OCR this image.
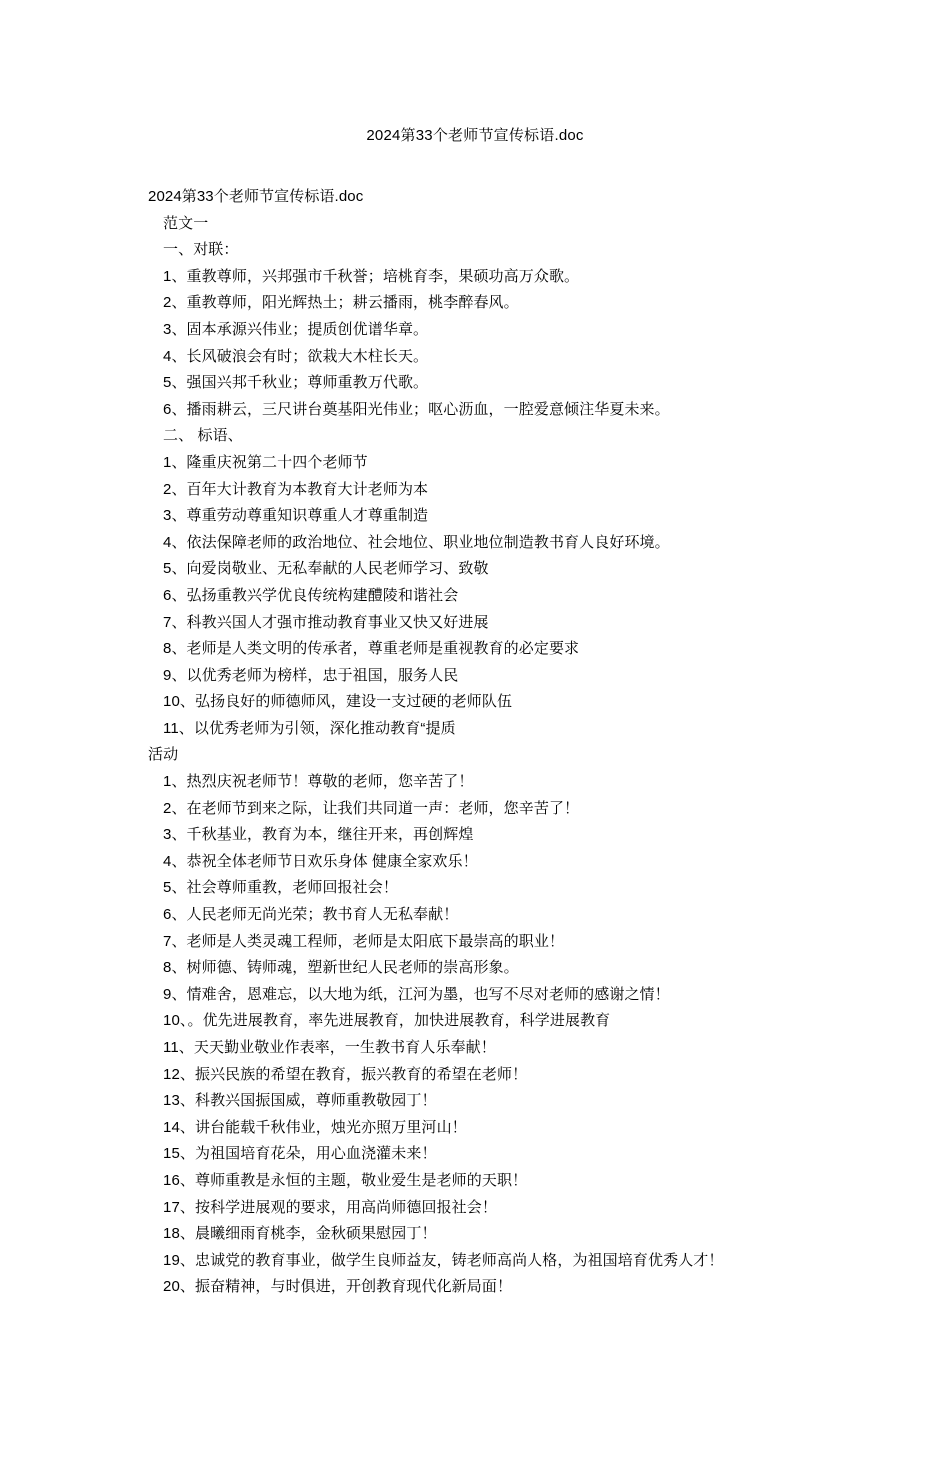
2024第33个老师节宣传标语.doc
2024第33个老师节宣传标语.doc
范文一
一、对联：
1、重教尊师，兴邦强市千秋誉；培桃育李，果硕功高万众歌。
2、重教尊师，阳光辉热土；耕云播雨，桃李醉春风。
3、固本承源兴伟业；提质创优谱华章。
4、长风破浪会有时；欲栽大木柱长天。
5、强国兴邦千秋业；尊师重教万代歌。
6、播雨耕云，三尺讲台奠基阳光伟业；呕心沥血，一腔爱意倾注华夏未来。
二、 标语、
1、隆重庆祝第二十四个老师节
2、百年大计教育为本教育大计老师为本
3、尊重劳动尊重知识尊重人才尊重制造
4、依法保障老师的政治地位、社会地位、职业地位制造教书育人良好环境。
5、向爱岗敬业、无私奉献的人民老师学习、致敬
6、弘扬重教兴学优良传统构建醴陵和谐社会
7、科教兴国人才强市推动教育事业又快又好进展
8、老师是人类文明的传承者，尊重老师是重视教育的必定要求
9、以优秀老师为榜样，忠于祖国，服务人民
10、弘扬良好的师德师风，建设一支过硬的老师队伍
11、以优秀老师为引领，深化推动教育“提质
活动
1、热烈庆祝老师节！尊敬的老师，您辛苦了！
2、在老师节到来之际，让我们共同道一声：老师，您辛苦了！
3、千秋基业，教育为本，继往开来，再创辉煌
4、恭祝全体老师节日欢乐身体 健康全家欢乐！
5、社会尊师重教，老师回报社会！
6、人民老师无尚光荣；教书育人无私奉献！
7、老师是人类灵魂工程师，老师是太阳底下最崇高的职业！
8、树师德、铸师魂，塑新世纪人民老师的崇高形象。
9、情难舍，恩难忘，以大地为纸，江河为墨，也写不尽对老师的感谢之情！
10、。优先进展教育，率先进展教育，加快进展教育，科学进展教育
11、天天勤业敬业作表率，一生教书育人乐奉献！
12、振兴民族的希望在教育，振兴教育的希望在老师！
13、科教兴国振国威，尊师重教敬园丁！
14、讲台能载千秋伟业，烛光亦照万里河山！
15、为祖国培育花朵，用心血浇灌未来！
16、尊师重教是永恒的主题，敬业爱生是老师的天职！
17、按科学进展观的要求，用高尚师德回报社会！
18、晨曦细雨育桃李，金秋硕果慰园丁！
19、忠诚党的教育事业，做学生良师益友，铸老师高尚人格，为祖国培育优秀人才！
20、振奋精神，与时俱进，开创教育现代化新局面！
